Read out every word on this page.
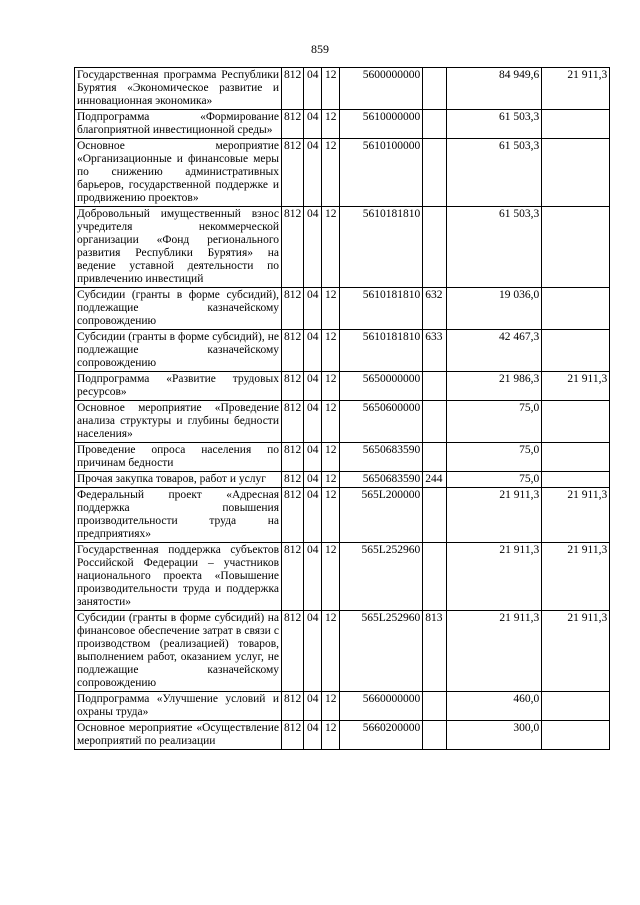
859
Государственная программа Республики Бурятия «Экономическое развитие и инновационная экономика»	812	04	12	5600000000		84 949,6	21 911,3
Подпрограмма «Формирование благоприятной инвестиционной среды»	812	04	12	5610000000		61 503,3	
Основное мероприятие «Организационные и финансовые меры по снижению административных барьеров, государственной поддержке и продвижению проектов»	812	04	12	5610100000		61 503,3	
Добровольный имущественный взнос учредителя некоммерческой организации «Фонд регионального развития Республики Бурятия» на ведение уставной деятельности по привлечению инвестиций	812	04	12	5610181810		61 503,3	
Субсидии (гранты в форме субсидий), подлежащие казначейскому сопровождению	812	04	12	5610181810	632	19 036,0	
Субсидии (гранты в форме субсидий), не подлежащие казначейскому сопровождению	812	04	12	5610181810	633	42 467,3	
Подпрограмма «Развитие трудовых ресурсов»	812	04	12	5650000000		21 986,3	21 911,3
Основное мероприятие «Проведение анализа структуры и глубины бедности населения»	812	04	12	5650600000		75,0	
Проведение опроса населения по причинам бедности	812	04	12	5650683590		75,0	
Прочая закупка товаров, работ и услуг	812	04	12	5650683590	244	75,0	
Федеральный проект «Адресная поддержка повышения производительности труда на предприятиях»	812	04	12	565L200000		21 911,3	21 911,3
Государственная поддержка субъектов Российской Федерации – участников национального проекта «Повышение производительности труда и поддержка занятости»	812	04	12	565L252960		21 911,3	21 911,3
Субсидии (гранты в форме субсидий) на финансовое обеспечение затрат в связи с производством (реализацией) товаров, выполнением работ, оказанием услуг, не подлежащие казначейскому сопровождению	812	04	12	565L252960	813	21 911,3	21 911,3
Подпрограмма «Улучшение условий и охраны труда»	812	04	12	5660000000		460,0	
Основное мероприятие «Осуществление мероприятий по реализации	812	04	12	5660200000		300,0	
